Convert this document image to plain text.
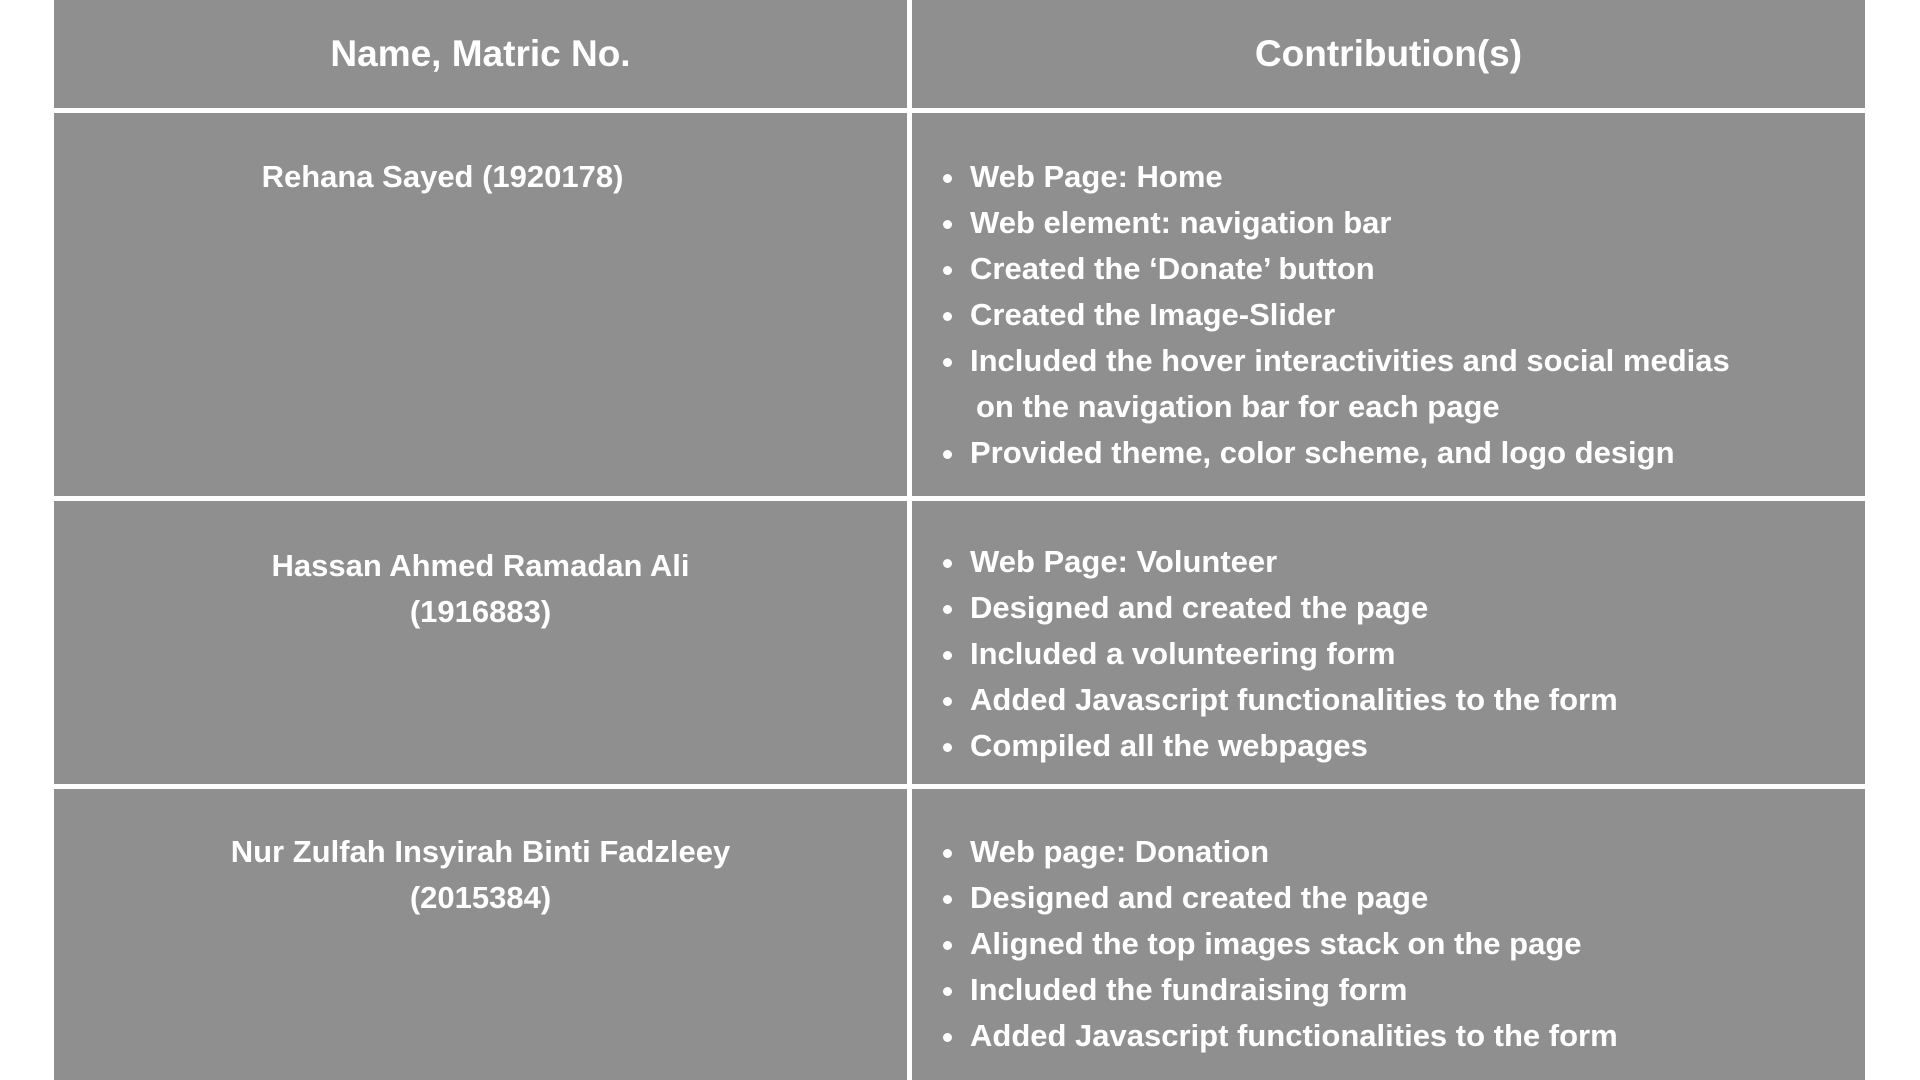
Name, Matric No.	Contribution(s)
Rehana Sayed (1920178)
•	Web Page: Home
• Web element: navigation bar
• Created the ‘Donate’ button
• Created the Image-Slider
• Included the hover interactivities and social medias
on the navigation bar for each page
• Provided theme, color scheme, and logo design
Hassan Ahmed Ramadan Ali
(1916883)
• Web Page: Volunteer
• Designed and created the page
• Included a volunteering form
• Added Javascript functionalities to the form
• Compiled all the webpages
Nur Zulfah Insyirah Binti Fadzleey
(2015384)
• Web page: Donation
• Designed and created the page
• Aligned the top images stack on the page
• Included the fundraising form
• Added Javascript functionalities to the form
